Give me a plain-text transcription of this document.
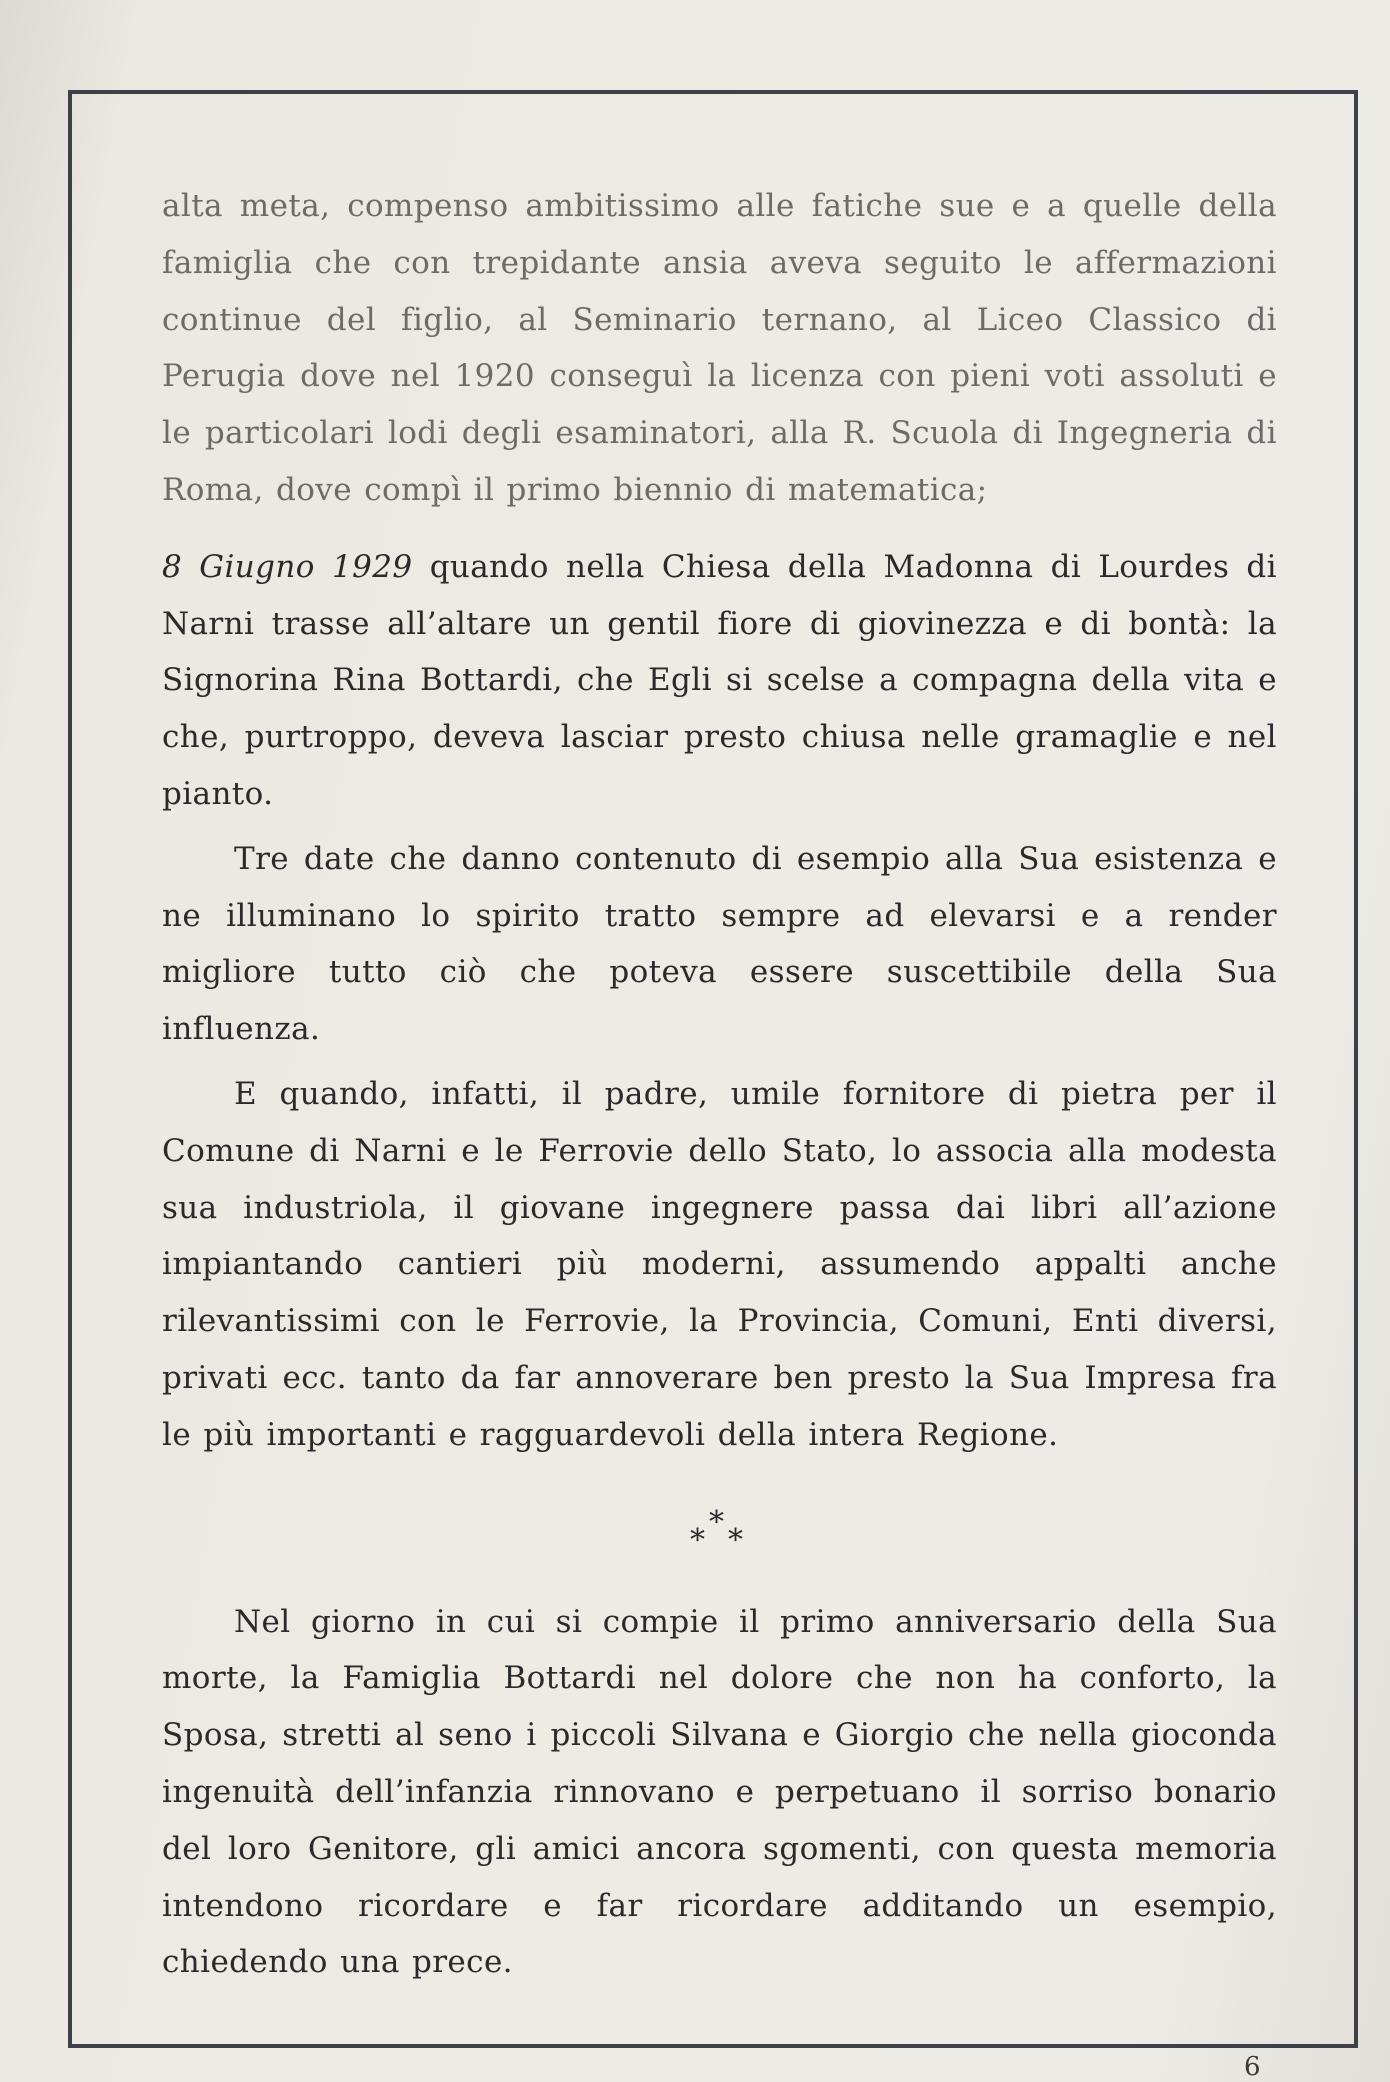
alta meta, compenso ambitissimo alle fatiche sue e a quelle della famiglia che con trepidante ansia aveva seguito le affermazioni continue del figlio, al Seminario ternano, al Liceo Classico di Perugia dove nel 1920 conseguì la licenza con pieni voti assoluti e le particolari lodi degli esaminatori, alla R. Scuola di Ingegneria di Roma, dove compì il primo biennio di matematica;

8 Giugno 1929 quando nella Chiesa della Madonna di Lourdes di Narni trasse all’altare un gentil fiore di giovinezza e di bontà: la Signorina Rina Bottardi, che Egli si scelse a compagna della vita e che, purtroppo, deveva lasciar presto chiusa nelle gramaglie e nel pianto.

Tre date che danno contenuto di esempio alla Sua esistenza e ne illuminano lo spirito tratto sempre ad elevarsi e a render migliore tutto ciò che poteva essere suscettibile della Sua influenza.

E quando, infatti, il padre, umile fornitore di pietra per il Comune di Narni e le Ferrovie dello Stato, lo associa alla modesta sua industriola, il giovane ingegnere passa dai libri all’azione impiantando cantieri più moderni, assumendo appalti anche rilevantissimi con le Ferrovie, la Provincia, Comuni, Enti diversi, privati ecc. tanto da far annoverare ben presto la Sua Impresa fra le più importanti e ragguardevoli della intera Regione.

*
*
*

Nel giorno in cui si compie il primo anniversario della Sua morte, la Famiglia Bottardi nel dolore che non ha conforto, la Sposa, stretti al seno i piccoli Silvana e Giorgio che nella gioconda ingenuità dell’infanzia rinnovano e perpetuano il sorriso bonario del loro Genitore, gli amici ancora sgomenti, con questa memoria intendono ricordare e far ricordare additando un esempio, chiedendo una prece.

6
